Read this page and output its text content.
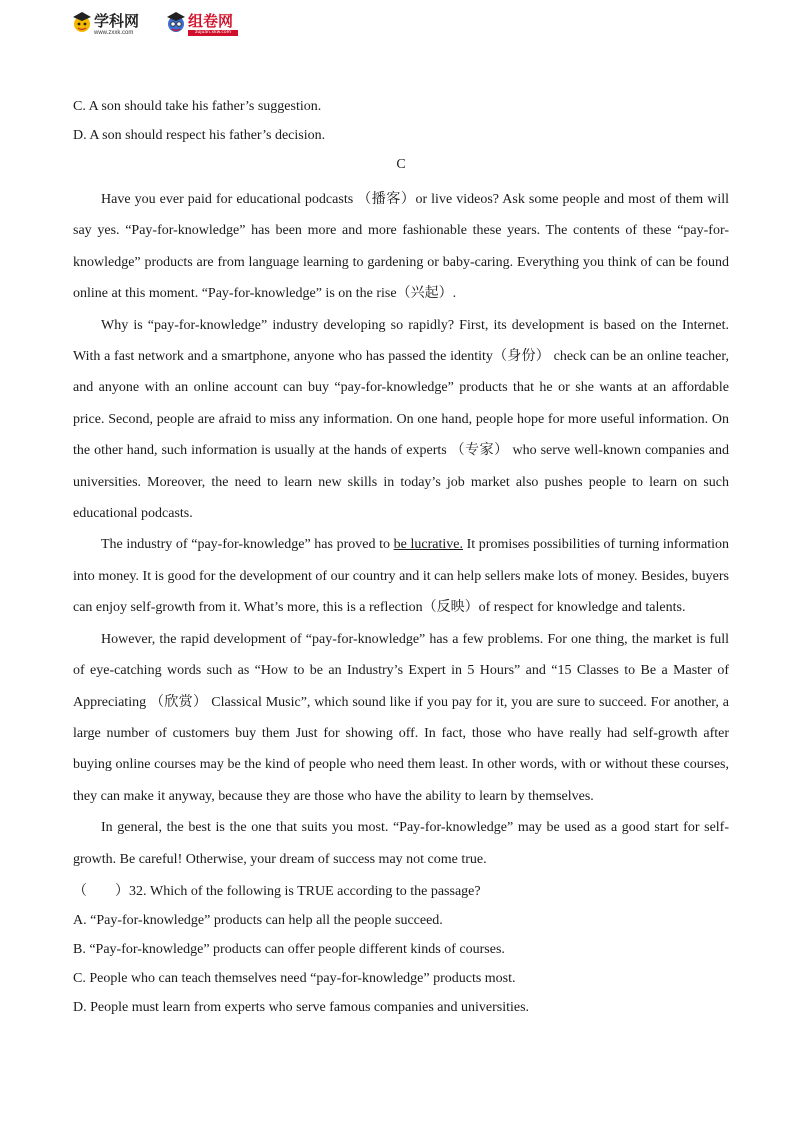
学科网
www.zxxk.com
组卷网
zujuan.xkw.com

C. A son should take his father’s suggestion.

D. A son should respect his father’s decision.

C

Have you ever paid for educational podcasts （播客）or live videos? Ask some people and most of them will say yes. “Pay-for-knowledge” has been more and more fashionable these years. The contents of these “pay-for-knowledge” products are from language learning to gardening or baby-caring. Everything you think of can be found online at this moment. “Pay-for-knowledge” is on the rise（兴起）.

Why is “pay-for-knowledge” industry developing so rapidly? First, its development is based on the Internet. With a fast network and a smartphone, anyone who has passed the identity（身份） check can be an online teacher, and anyone with an online account can buy “pay-for-knowledge” products that he or she wants at an affordable price. Second, people are afraid to miss any information. On one hand, people hope for more useful information. On the other hand, such information is usually at the hands of experts （专家） who serve well-known companies and universities. Moreover, the need to learn new skills in today’s job market also pushes people to learn on such educational podcasts.

The industry of “pay-for-knowledge” has proved to be lucrative. It promises possibilities of turning information into money. It is good for the development of our country and it can help sellers make lots of money. Besides, buyers can enjoy self-growth from it. What’s more, this is a reflection（反映）of respect for knowledge and talents.

However, the rapid development of “pay-for-knowledge” has a few problems. For one thing, the market is full of eye-catching words such as “How to be an Industry’s Expert in 5 Hours” and “15 Classes to Be a Master of Appreciating （欣赏） Classical Music”, which sound like if you pay for it, you are sure to succeed. For another, a large number of customers buy them Just for showing off. In fact, those who have really had self-growth after buying online courses may be the kind of people who need them least. In other words, with or without these courses, they can make it anyway, because they are those who have the ability to learn by themselves.

In general, the best is the one that suits you most. “Pay-for-knowledge” may be used as a good start for self-growth. Be careful! Otherwise, your dream of success may not come true.

（　　）32. Which of the following is TRUE according to the passage?

A. “Pay-for-knowledge” products can help all the people succeed.

B. “Pay-for-knowledge” products can offer people different kinds of courses.

C. People who can teach themselves need “pay-for-knowledge” products most.

D. People must learn from experts who serve famous companies and universities.
